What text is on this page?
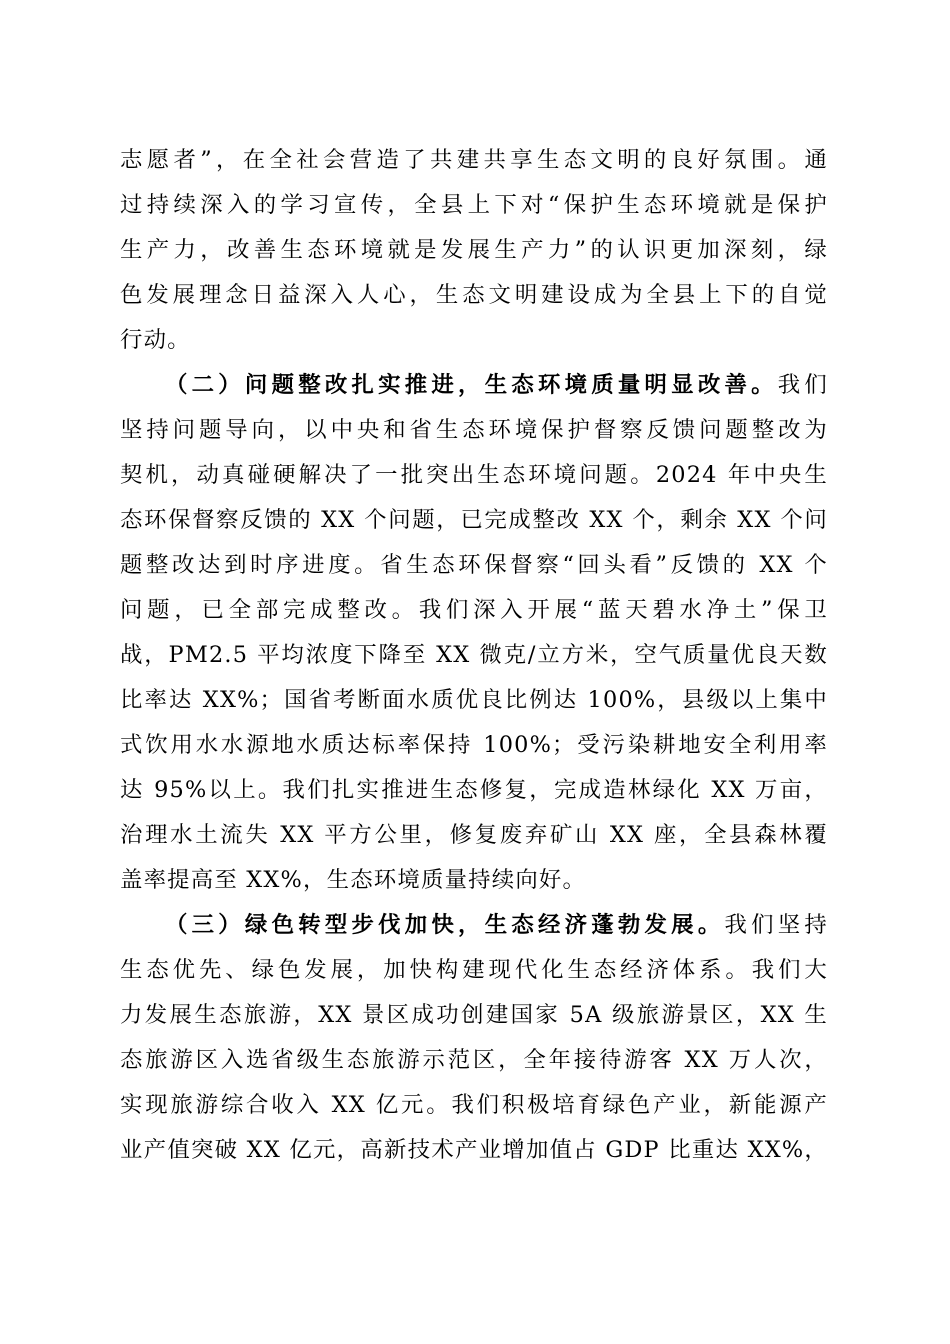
志愿者”，在全社会营造了共建共享生态文明的良好氛围。通
过持续深入的学习宣传，全县上下对“保护生态环境就是保护
生产力，改善生态环境就是发展生产力”的认识更加深刻，绿
色发展理念日益深入人心，生态文明建设成为全县上下的自觉
行动。
（二）问题整改扎实推进，生态环境质量明显改善。我们
坚持问题导向，以中央和省生态环境保护督察反馈问题整改为
契机，动真碰硬解决了一批突出生态环境问题。2024 年中央生
态环保督察反馈的 XX 个问题，已完成整改 XX 个，剩余 XX 个问
题整改达到时序进度。省生态环保督察“回头看”反馈的 XX 个
问题，已全部完成整改。我们深入开展“蓝天碧水净土”保卫
战，PM2.5 平均浓度下降至 XX 微克/立方米，空气质量优良天数
比率达 XX%；国省考断面水质优良比例达 100%，县级以上集中
式饮用水水源地水质达标率保持 100%；受污染耕地安全利用率
达 95%以上。我们扎实推进生态修复，完成造林绿化 XX 万亩，
治理水土流失 XX 平方公里，修复废弃矿山 XX 座，全县森林覆
盖率提高至 XX%，生态环境质量持续向好。
（三）绿色转型步伐加快，生态经济蓬勃发展。我们坚持
生态优先、绿色发展，加快构建现代化生态经济体系。我们大
力发展生态旅游，XX 景区成功创建国家 5A 级旅游景区，XX 生
态旅游区入选省级生态旅游示范区，全年接待游客 XX 万人次，
实现旅游综合收入 XX 亿元。我们积极培育绿色产业，新能源产
业产值突破 XX 亿元，高新技术产业增加值占 GDP 比重达 XX%，
